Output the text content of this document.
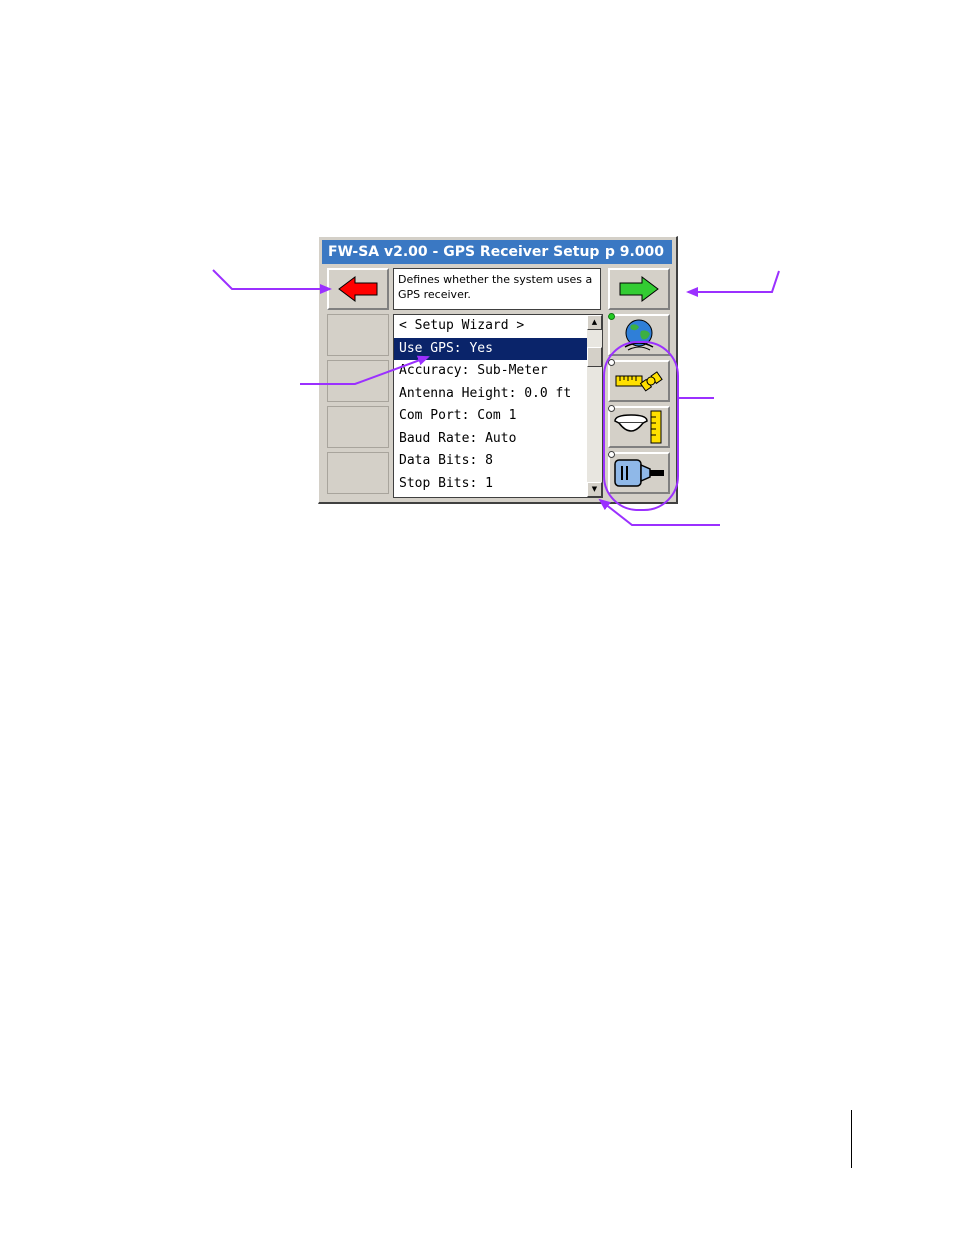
FW-SA v2.00 - GPS Receiver Setup p 9.000
Defines whether the system uses a GPS receiver.
< Setup Wizard >
Use GPS: Yes
Accuracy: Sub-Meter
Antenna Height: 0.0 ft
Com Port: Com 1
Baud Rate: Auto
Data Bits: 8
Stop Bits: 1
▲
▼
